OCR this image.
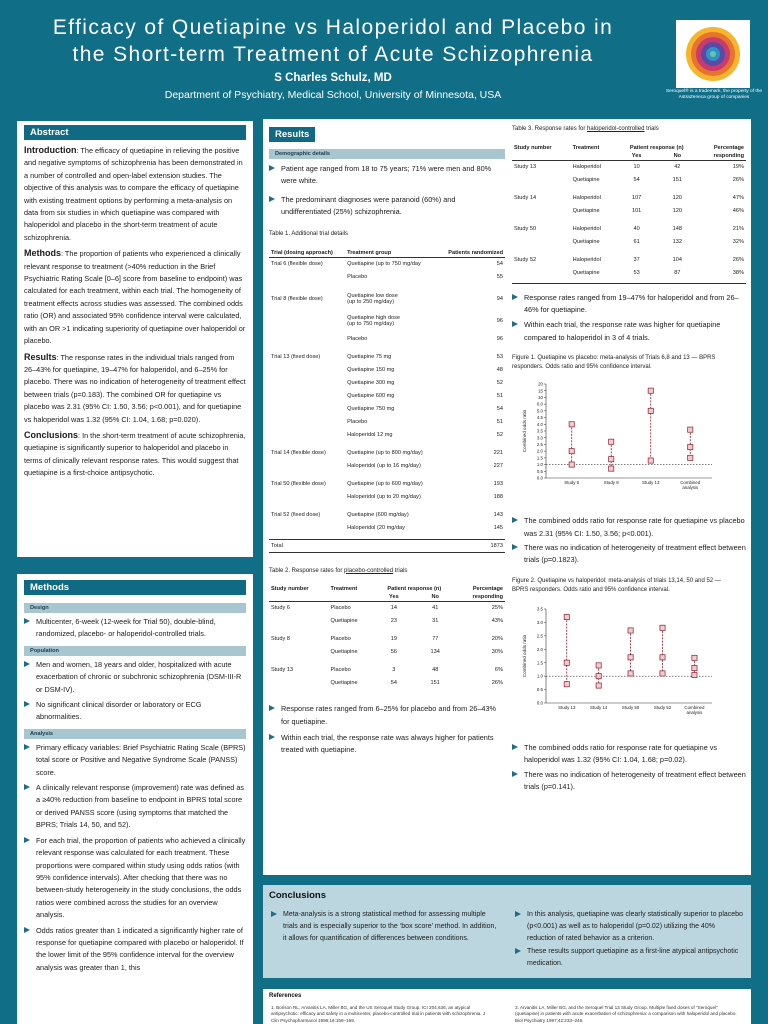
Efficacy of Quetiapine vs Haloperidol and Placebo in
the Short-term Treatment of Acute Schizophrenia
S Charles Schulz, MD
Department of Psychiatry, Medical School, University of Minnesota, USA	Seroquel® is a trademark, the property of the AstraZeneca group of companies
Abstract

Introduction: The efficacy of quetiapine in relieving the positive and negative symptoms of schizophrenia has been demonstrated in a number of controlled and open-label extension studies. The objective of this analysis was to compare the efficacy of quetiapine with existing treatment options by performing a meta-analysis on data from six studies in which quetiapine was compared with haloperidol and placebo in the short-term treatment of acute schizophrenia.

Methods: The proportion of patients who experienced a clinically relevant response to treatment (>40% reduction in the Brief Psychiatric Rating Scale [0–6] score from baseline to endpoint) was calculated for each treatment, within each trial. The homogeneity of treatment effects across studies was assessed. The combined odds ratio (OR) and associated 95% confidence interval were calculated, with an OR >1 indicating superiority of quetiapine over haloperidol or placebo.

Results: The response rates in the individual trials ranged from 26–43% for quetiapine, 19–47% for haloperidol, and 6–25% for placebo. There was no indication of heterogeneity of treatment effect between trials (p=0.183). The combined OR for quetiapine vs placebo was 2.31 (95% CI: 1.50, 3.56; p<0.001), and for quetiapine vs haloperidol was 1.32 (95% CI: 1.04, 1.68; p=0.020).

Conclusions: In the short-term treatment of acute schizophrenia, quetiapine is significantly superior to haloperidol and placebo in terms of clinically relevant response rates. This would suggest that quetiapine is a first-choice antipsychotic.

Methods
Design
Multicenter, 6-week (12-week for Trial 50), double-blind, randomized, placebo- or haloperidol-controlled trials.
Population
Men and women, 18 years and older, hospitalized with acute exacerbation of chronic or subchronic schizophrenia (DSM-III-R or DSM-IV).
No significant clinical disorder or laboratory or ECG abnormalities.
Analysis
Primary efficacy variables: Brief Psychiatric Rating Scale (BPRS) total score or Positive and Negative Syndrome Scale (PANSS) score.
A clinically relevant response (improvement) rate was defined as a ≥40% reduction from baseline to endpoint in BPRS total score or derived PANSS score (using symptoms that matched the BPRS; Trials 14, 50, and 52).
For each trial, the proportion of patients who achieved a clinically relevant response was calculated for each treatment. These proportions were compared within study using odds ratios (with 95% confidence intervals). After checking that there was no between-study heterogeneity in the study conclusions, the odds ratios were combined across the studies for an overview analysis.
Odds ratios greater than 1 indicated a significantly higher rate of response for quetiapine compared with placebo or haloperidol. If the lower limit of the 95% confidence interval for the overview analysis was greater than 1, this
Results
Demographic details
Patient age ranged from 18 to 75 years; 71% were men and 80% were white.
The predominant diagnoses were paranoid (60%) and undifferentiated (25%) schizophrenia.
Table 1. Additional trial details
Trial (dosing approach)	Treatment group	Patients randomized
Trial 6 (flexible dose)	Quetiapine (up to 750 mg/day	54
	Placebo	55

Trial 8 (flexible dose)	Quetiapine low dose
(up to 250 mg/day)	94
	Quetiapine high dose
(up to 750 mg/day)	96
	Placebo	96

Trial 13 (fixed dose)	Quetiapine 75 mg	53
	Quetiapine 150 mg	48
	Quetiapine 300 mg	52
	Quetiapine 600 mg	51
	Quetiapine 750 mg	54
	Placebo	51
	Haloperidol 12 mg	52

Trial 14 (flexible dose)	Quetiapine (up to 800 mg/day)	221
	Haloperidol (up to 16 mg/day)	227

Trial 50 (flexible dose)	Quetiapine (up to 600 mg/day)	193
	Haloperidol (up to 20 mg/day)	188

Trial 52 (fixed dose)	Quetiapine (600 mg/day)	143
	Haloperidol (20 mg/day	145

Total		1873
Table 2. Response rates for placebo-controlled trials
Study number	Treatment	Patient response (n)		Percentage
		Yes	No	responding
Study 6	Placebo	14	41	25%
	Quetiapine	23	31	43%

Study 8	Placebo	19	77	20%
	Quetiapine	56	134	30%

Study 13	Placebo	3	48	6%
	Quetiapine	54	151	26%
Response rates ranged from 6–25% for placebo and from 26–43% for quetiapine.
Within each trial, the response rate was always higher for patients treated with quetiapine.
Table 3. Response rates for haloperidol-controlled trials
Study number	Treatment	Patient response (n)		Percentage
		Yes	No	responding
Study 13	Haloperidol	10	42	19%
	Quetiapine	54	151	26%

Study 14	Haloperidol	107	120	47%
	Quetiapine	101	120	46%

Study 50	Haloperidol	40	148	21%
	Quetiapine	61	132	32%

Study 52	Haloperidol	37	104	26%
	Quetiapine	53	87	38%
Response rates ranged from 19–47% for haloperidol and from 26–46% for quetiapine.
Within each trial, the response rate was higher for quetiapine compared to haloperidol in 3 of 4 trials.
Figure 1. Quetiapine vs placebo: meta-analysis of Trials 6,8 and 13 — BPRS responders. Odds ratio and 95% confidence interval.
0.0
0.5
1.0
1.5
2.0
2.5
3.0
3.5
4.0
4.5
5.0
6.0
10
15
20
Combined odds ratio
Study 6	Study 8	Study 13	Combined
analysis
The combined odds ratio for response rate for quetiapine vs placebo was 2.31 (95% CI: 1.50, 3.56; p<0.001).
There was no indication of heterogeneity of treatment effect between trials (p=0.1823).
Figure 2. Quetiapine vs haloperidol: meta-analysis of trials 13,14, 50 and 52 — BPRS responders. Odds ratio and 95% confidence interval.
0.0
0.5
1.0
1.5
2.0
2.5
3.0
3.5
Combined odds ratio
Study 13	Study 14	Study 50	Study 52	Combined
analysis
The combined odds ratio for response rate for quetiapine vs haloperidol was 1.32 (95% CI: 1.04, 1.68; p=0.02).
There was no indication of heterogeneity of treatment effect between trials (p=0.141).
Conclusions
Meta-analysis is a strong statistical method for assessing multiple trials and is especially superior to the ‘box score’ method. In addition, it allows for quantification of differences between conditions.
In this analysis, quetiapine was clearly statistically superior to placebo (p<0.001) as well as to haloperidol (p=0.02) utilizing the 40% reduction of rated behavior as a criterion.
These results support quetiapine as a first-line atypical antipsychotic medication.
References
1. Borison RL, Arvanitis LA, Miller BG, and the US Seroquel Study Group. ICI 204,636, an atypical antipsychotic: efficacy and safety in a multicenter, placebo-controlled trial in patients with schizophrenia. J Clin Psychopharmacol 1996;16:158–169.
3. Arvanitis LA, Miller BG, and the Seroquel Trial 13 Study Group. Multiple fixed doses of "Seroquel" (quetiapine) in patients with acute exacerbation of schizophrenia: a comparison with haloperidol and placebo. Biol Psychiatry 1997;42:233–246.
